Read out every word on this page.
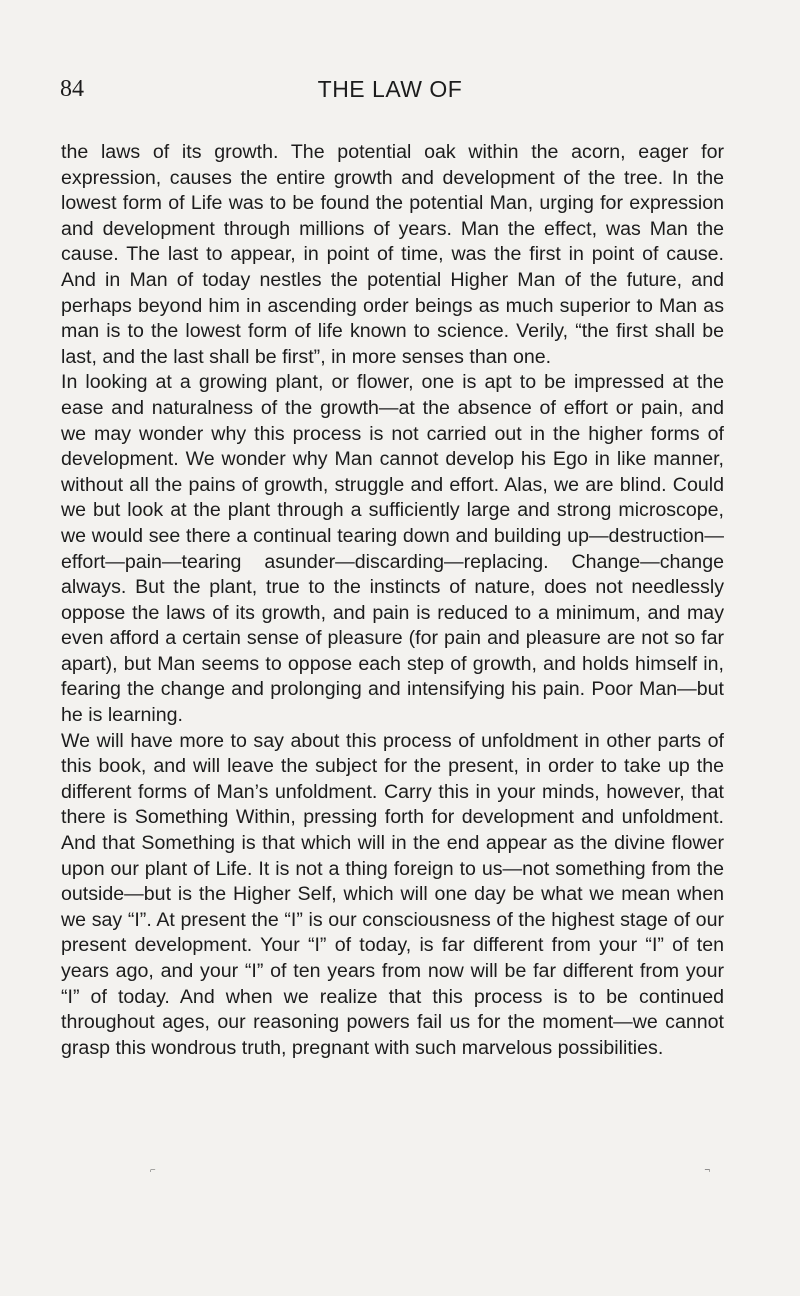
84	THE LAW OF

the laws of its growth. The potential oak within the acorn, eager for expression, causes the entire growth and development of the tree. In the lowest form of Life was to be found the potential Man, urging for expression and development through millions of years. Man the effect, was Man the cause. The last to appear, in point of time, was the first in point of cause. And in Man of today nestles the potential Higher Man of the future, and perhaps beyond him in ascending order beings as much superior to Man as man is to the lowest form of life known to science. Verily, “the first shall be last, and the last shall be first”, in more senses than one.

In looking at a growing plant, or flower, one is apt to be impressed at the ease and naturalness of the growth—at the absence of effort or pain, and we may wonder why this process is not carried out in the higher forms of development. We wonder why Man cannot develop his Ego in like manner, without all the pains of growth, struggle and effort. Alas, we are blind. Could we but look at the plant through a sufficiently large and strong microscope, we would see there a continual tearing down and building up—destruction—effort—pain—tearing asunder—discarding—replacing. Change—change always. But the plant, true to the instincts of nature, does not needlessly oppose the laws of its growth, and pain is reduced to a minimum, and may even afford a certain sense of pleasure (for pain and pleasure are not so far apart), but Man seems to oppose each step of growth, and holds himself in, fearing the change and prolonging and intensifying his pain. Poor Man—but he is learning.

We will have more to say about this process of unfoldment in other parts of this book, and will leave the subject for the present, in order to take up the different forms of Man’s unfoldment. Carry this in your minds, however, that there is Something Within, pressing forth for development and unfoldment. And that Something is that which will in the end appear as the divine flower upon our plant of Life. It is not a thing foreign to us—not something from the outside—but is the Higher Self, which will one day be what we mean when we say “I”. At present the “I” is our consciousness of the highest stage of our present development. Your “I” of today, is far different from your “I” of ten years ago, and your “I” of ten years from now will be far different from your “I” of today. And when we realize that this process is to be continued throughout ages, our reasoning powers fail us for the moment—we cannot grasp this wondrous truth, pregnant with such marvelous possibilities.

⌐	¬
